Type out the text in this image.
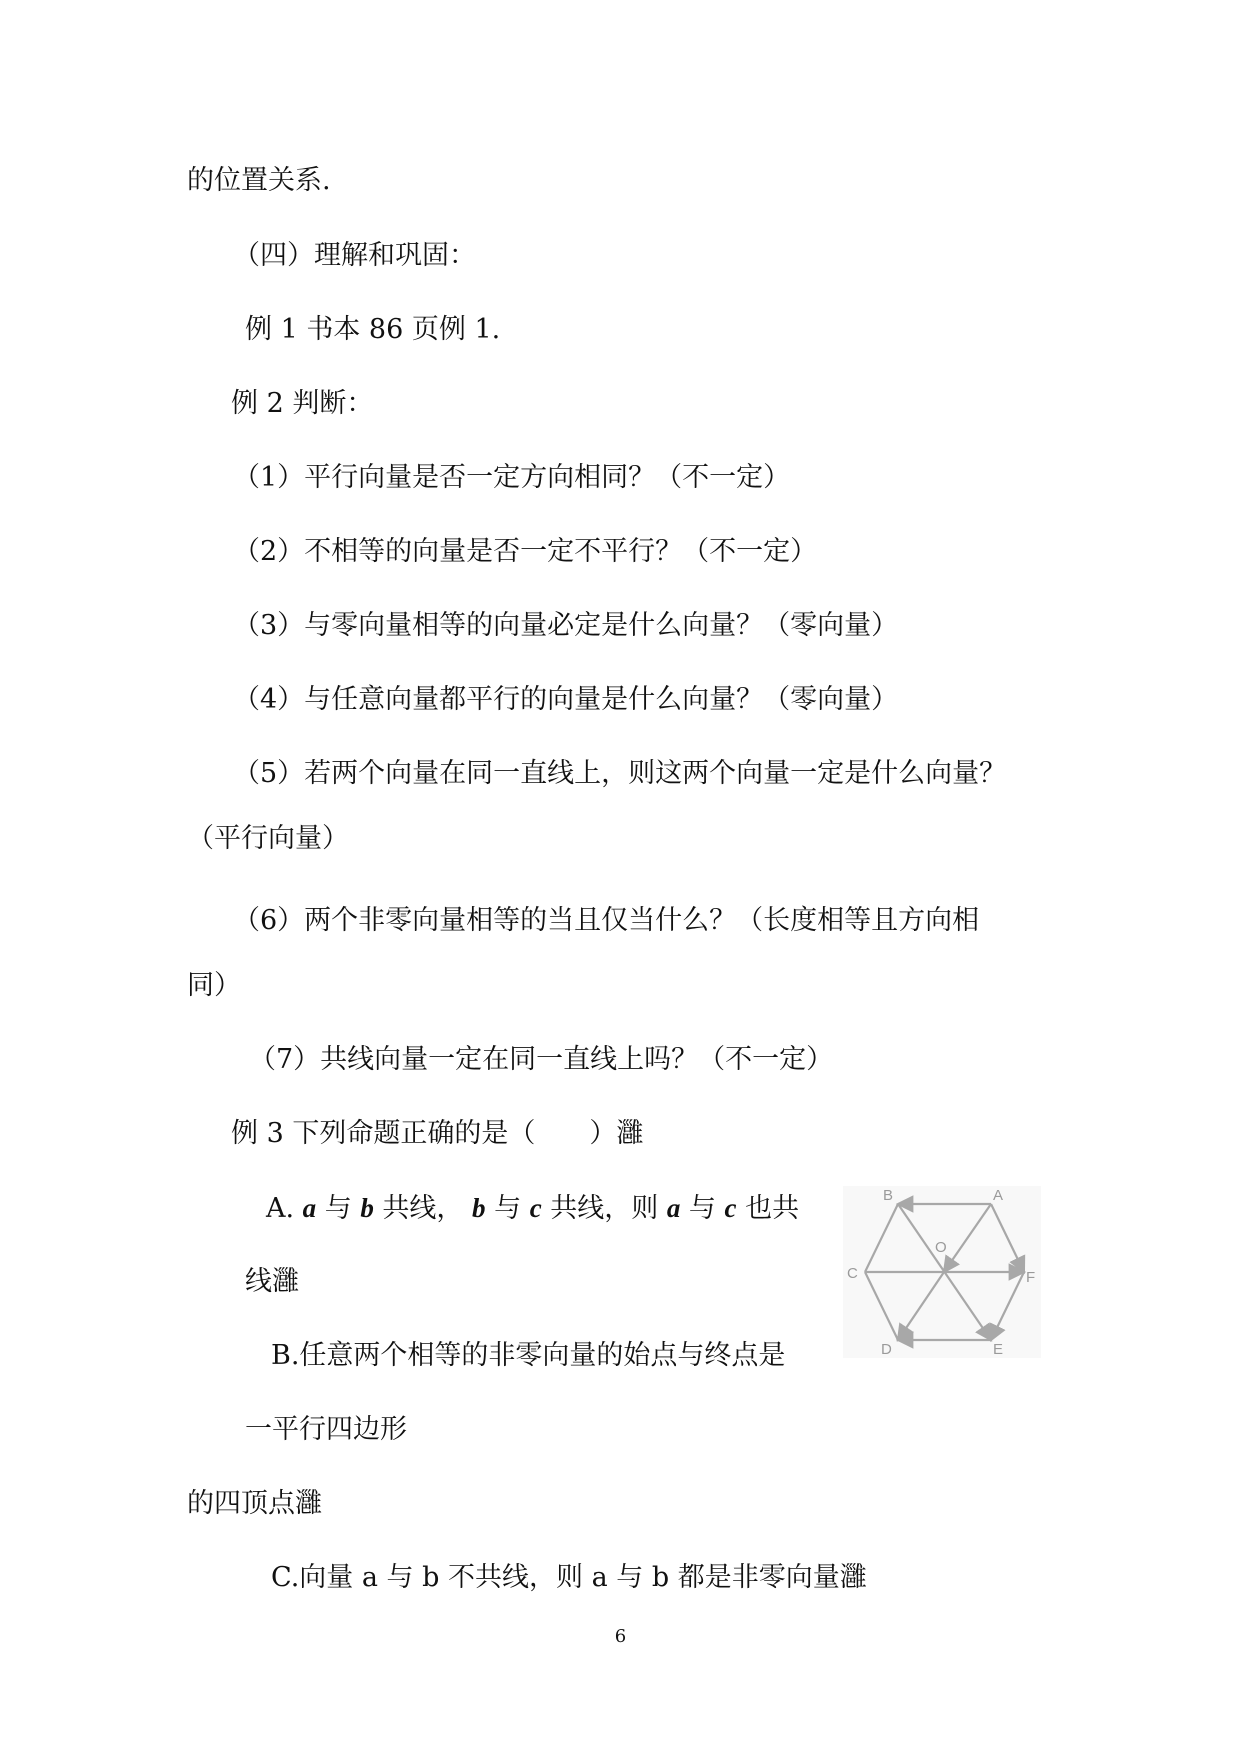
的位置关系.
（四）理解和巩固：
例 1 书本 86 页例 1.
例 2 判断：
（1）平行向量是否一定方向相同？（不一定）
（2）不相等的向量是否一定不平行？（不一定）
（3）与零向量相等的向量必定是什么向量？（零向量）
（4）与任意向量都平行的向量是什么向量？（零向量）
（5）若两个向量在同一直线上，则这两个向量一定是什么向量？
（平行向量）
（6）两个非零向量相等的当且仅当什么？（长度相等且方向相
同）
（7）共线向量一定在同一直线上吗？（不一定）
例 3 下列命题正确的是（　　）灉
A. a 与 b 共线， b 与 c 共线，则 a 与 c 也共
线灉
B.任意两个相等的非零向量的始点与终点是
一平行四边形
的四顶点灉
C.向量 a 与 b 不共线，则 a 与 b 都是非零向量灉
B	A
O
C	F
D	E
6
